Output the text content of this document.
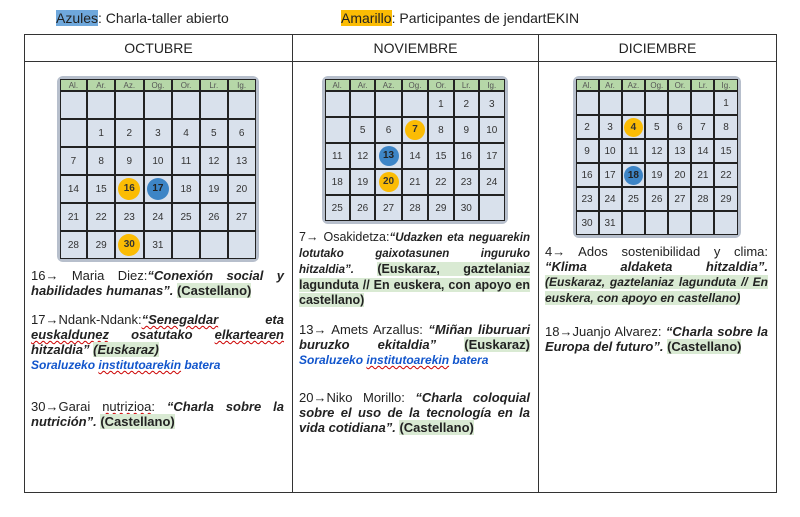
Azules: Charla-taller abierto	Amarillo: Participantes de jendartEKIN
OCTUBRE	NOVIEMBRE	DICIEMBRE

Al.	Ar.	Az.	Og.	Or.	Lr.	Ig.

	1	2	3	4	5	6
7	8	9	10	11	12	13
14	15	16	17	18	19	20
21	22	23	24	25	26	27
28	29	30	31			

16→ Maria Diez:“Conexión social y habilidades humanas”. (Castellano)

17→Ndank-Ndank:“Senegaldar eta euskaldunez osatutako elkartearen hitzaldia” (Euskaraz)
Soraluzeko institutoarekin batera

30→Garai nutrizioa: “Charla sobre la nutrición”. (Castellano)

Al.	Ar.	Az.	Og.	Or.	Lr.	Ig.
				1	2	3
	5	6	7	8	9	10
11	12	13	14	15	16	17
18	19	20	21	22	23	24
25	26	27	28	29	30	

7→ Osakidetza:“Udazken eta neguarekin lotutako gaixotasunen inguruko hitzaldia”. (Euskaraz, gaztelaniaz lagunduta // En euskera, con apoyo en castellano)

13→ Amets Arzallus: “Miñan liburuari buruzko ekitaldia” (Euskaraz) Soraluzeko institutoarekin batera

20→Niko Morillo: “Charla coloquial sobre el uso de la tecnología en la vida cotidiana”. (Castellano)

Al.	Ar.	Az.	Og.	Or.	Lr.	Ig.
						1
2	3	4	5	6	7	8
9	10	11	12	13	14	15
16	17	18	19	20	21	22
23	24	25	26	27	28	29
30	31					

4→ Ados sostenibilidad y clima: “Klima aldaketa hitzaldia”. (Euskaraz, gaztelaniaz lagunduta // En euskera, con apoyo en castellano)

18→Juanjo Alvarez: “Charla sobre la Europa del futuro”. (Castellano)
